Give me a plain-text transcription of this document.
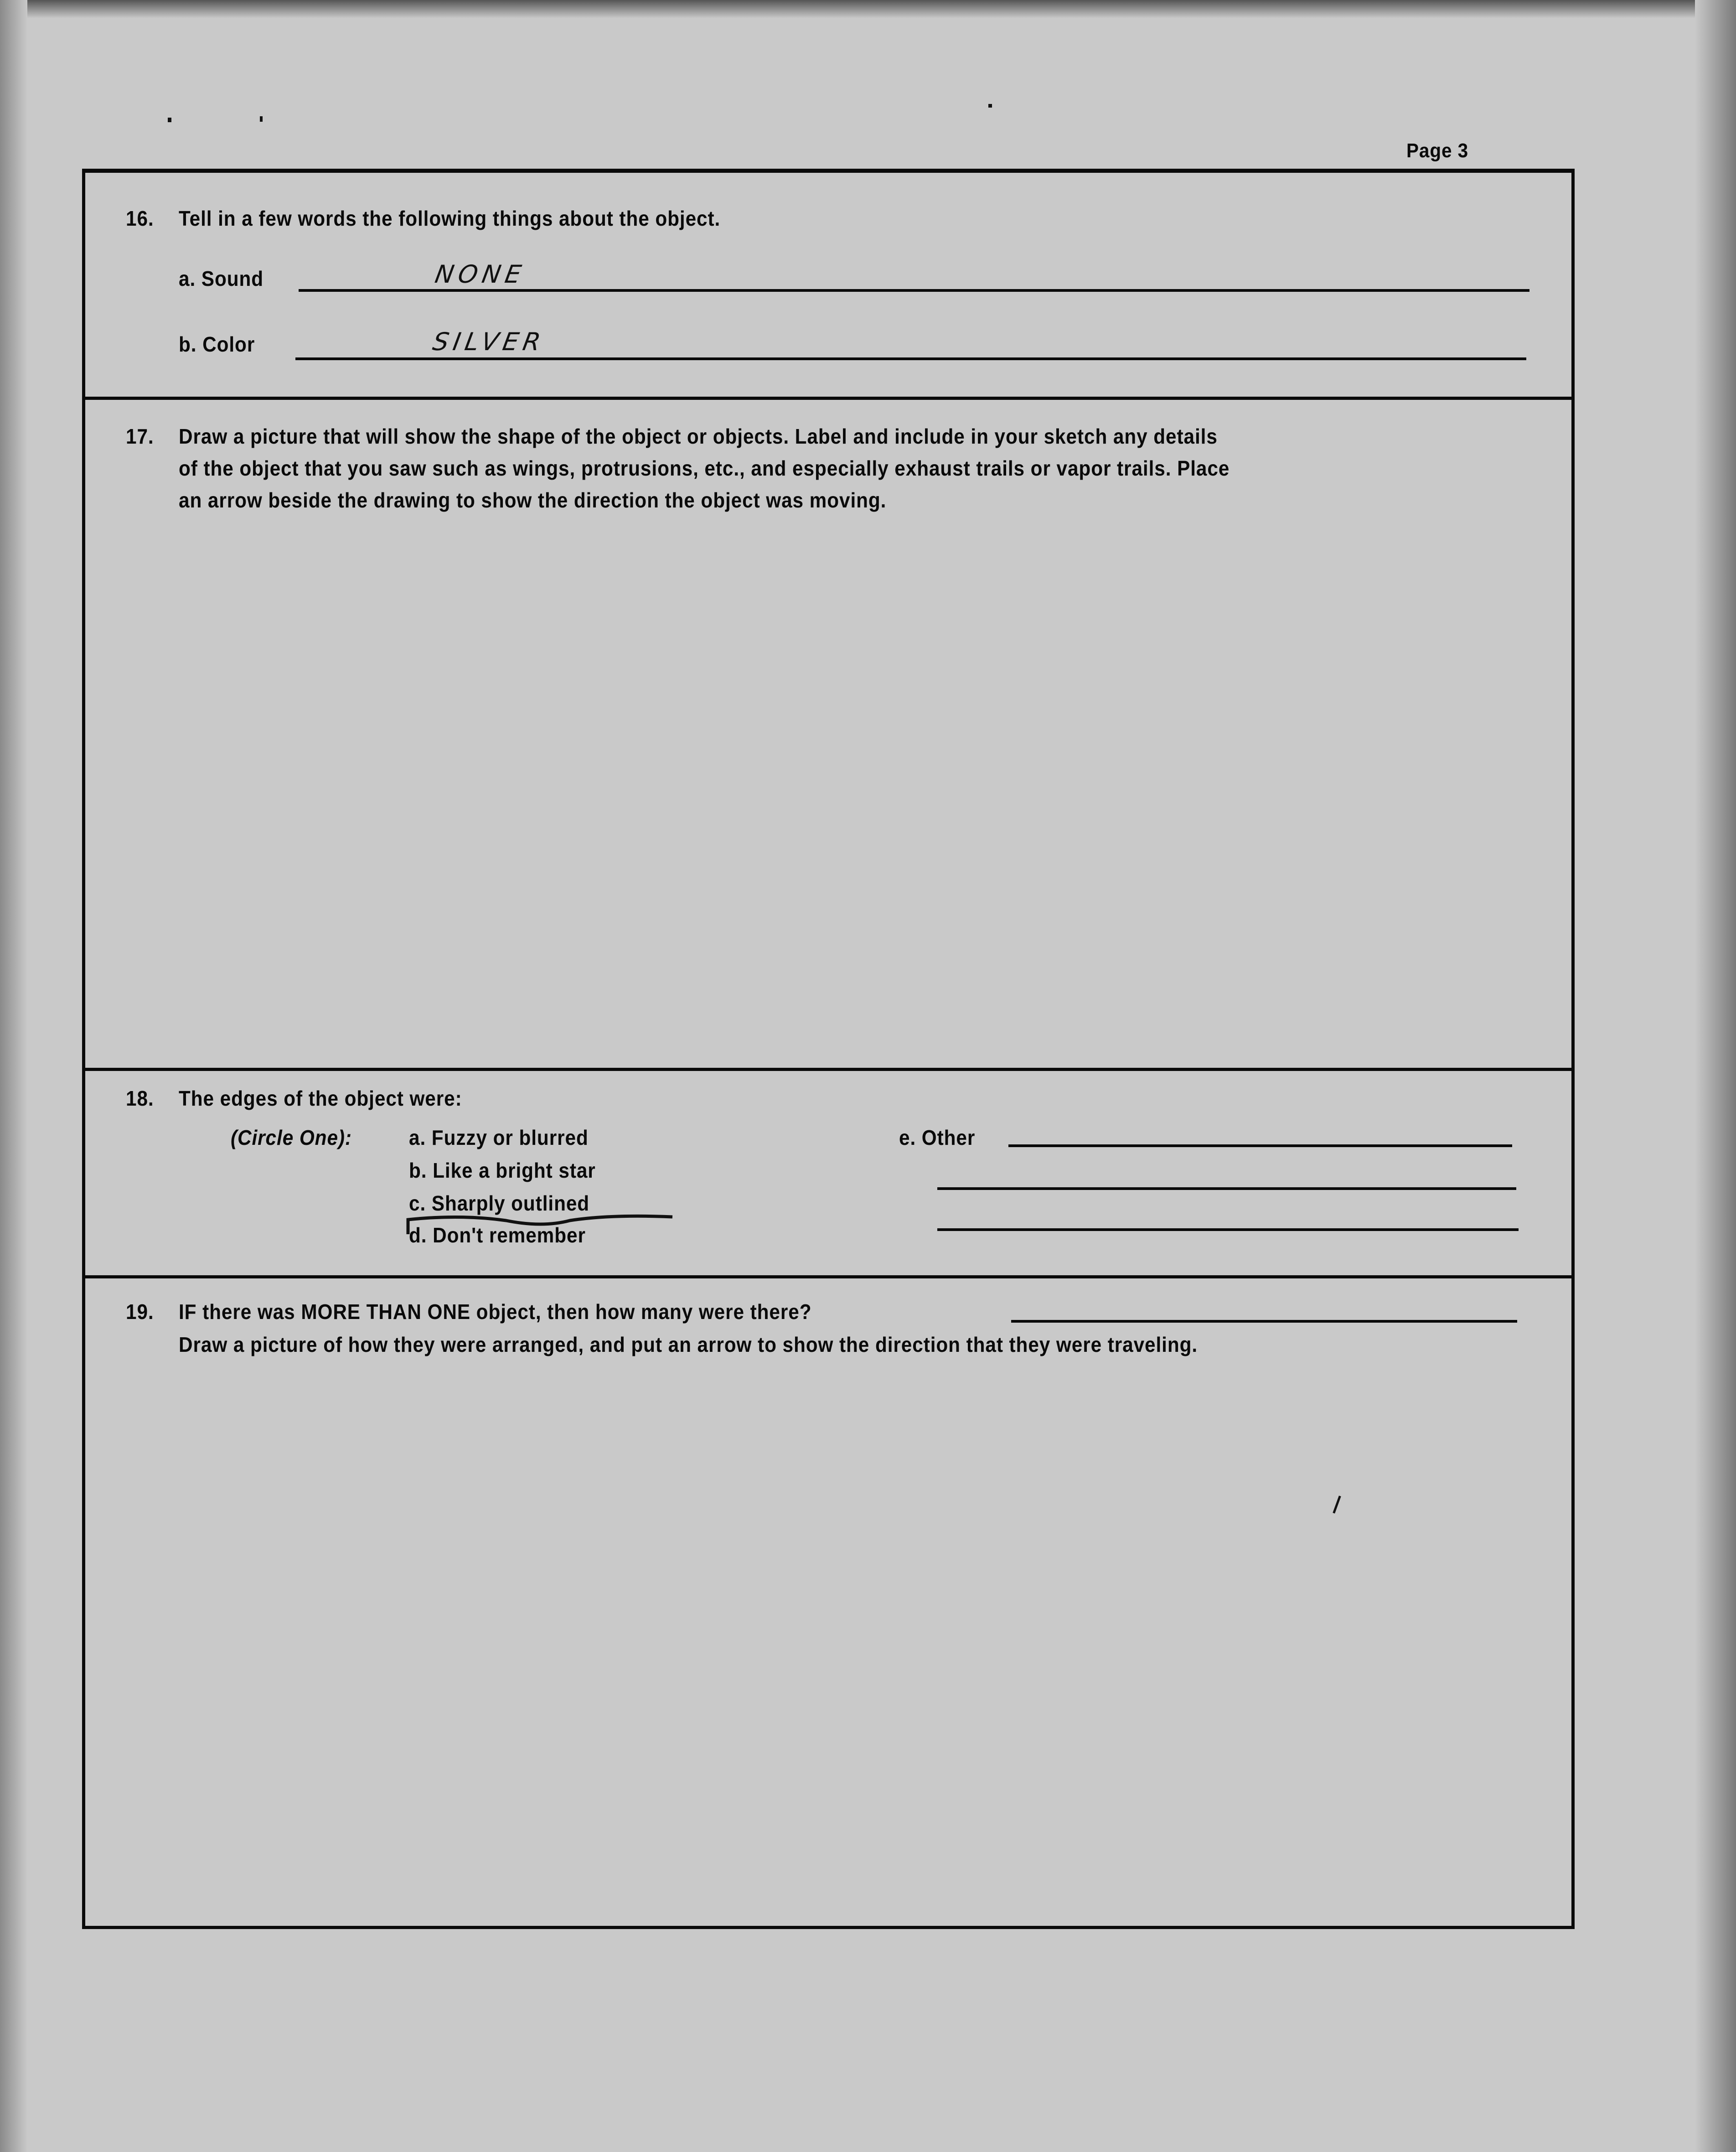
Page 3
16. Tell in a few words the following things about the object.
a. Sound	NONE
b. Color	SILVER
17. Draw a picture that will show the shape of the object or objects. Label and include in your sketch any details
of the object that you saw such as wings, protrusions, etc., and especially exhaust trails or vapor trails. Place
an arrow beside the drawing to show the direction the object was moving.
18. The edges of the object were:
(Circle One):	a. Fuzzy or blurred
b. Like a bright star
c. Sharply outlined
d. Don't remember
e. Other
19. IF there was MORE THAN ONE object, then how many were there?
Draw a picture of how they were arranged, and put an arrow to show the direction that they were traveling.
